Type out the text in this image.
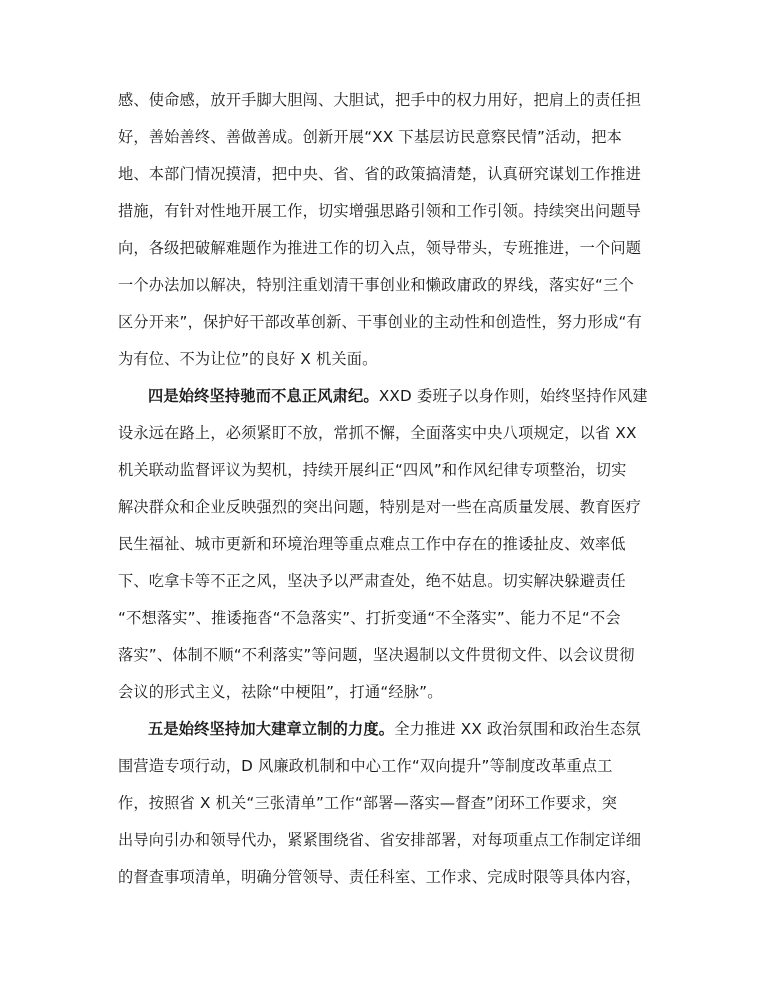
感、使命感，放开手脚大胆闯、大胆试，把手中的权力用好，把肩上的责任担
好，善始善终、善做善成。创新开展“XX 下基层访民意察民情”活动，把本
地、本部门情况摸清，把中央、省、省的政策搞清楚，认真研究谋划工作推进
措施，有针对性地开展工作，切实增强思路引领和工作引领。持续突出问题导
向，各级把破解难题作为推进工作的切入点，领导带头，专班推进，一个问题
一个办法加以解决，特别注重划清干事创业和懒政庸政的界线，落实好“三个
区分开来”，保护好干部改革创新、干事创业的主动性和创造性，努力形成“有
为有位、不为让位”的良好 X 机关面。
四是始终坚持驰而不息正风肃纪。XXD 委班子以身作则，始终坚持作风建
设永远在路上，必须紧盯不放，常抓不懈，全面落实中央八项规定，以省 XX
机关联动监督评议为契机，持续开展纠正“四风”和作风纪律专项整治，切实
解决群众和企业反映强烈的突出问题，特别是对一些在高质量发展、教育医疗
民生福祉、城市更新和环境治理等重点难点工作中存在的推诿扯皮、效率低
下、吃拿卡等不正之风，坚决予以严肃查处，绝不姑息。切实解决躲避责任
“不想落实”、推诿拖沓“不急落实”、打折变通“不全落实”、能力不足“不会
落实”、体制不顺“不利落实”等问题，坚决遏制以文件贯彻文件、以会议贯彻
会议的形式主义，祛除“中梗阻”，打通“经脉”。
五是始终坚持加大建章立制的力度。全力推进 XX 政治氛围和政治生态氛
围营造专项行动，D 风廉政机制和中心工作“双向提升”等制度改革重点工
作，按照省 X 机关“三张清单”工作“部署—落实—督查”闭环工作要求，突
出导向引办和领导代办，紧紧围绕省、省安排部署，对每项重点工作制定详细
的督查事项清单，明确分管领导、责任科室、工作求、完成时限等具体内容，
